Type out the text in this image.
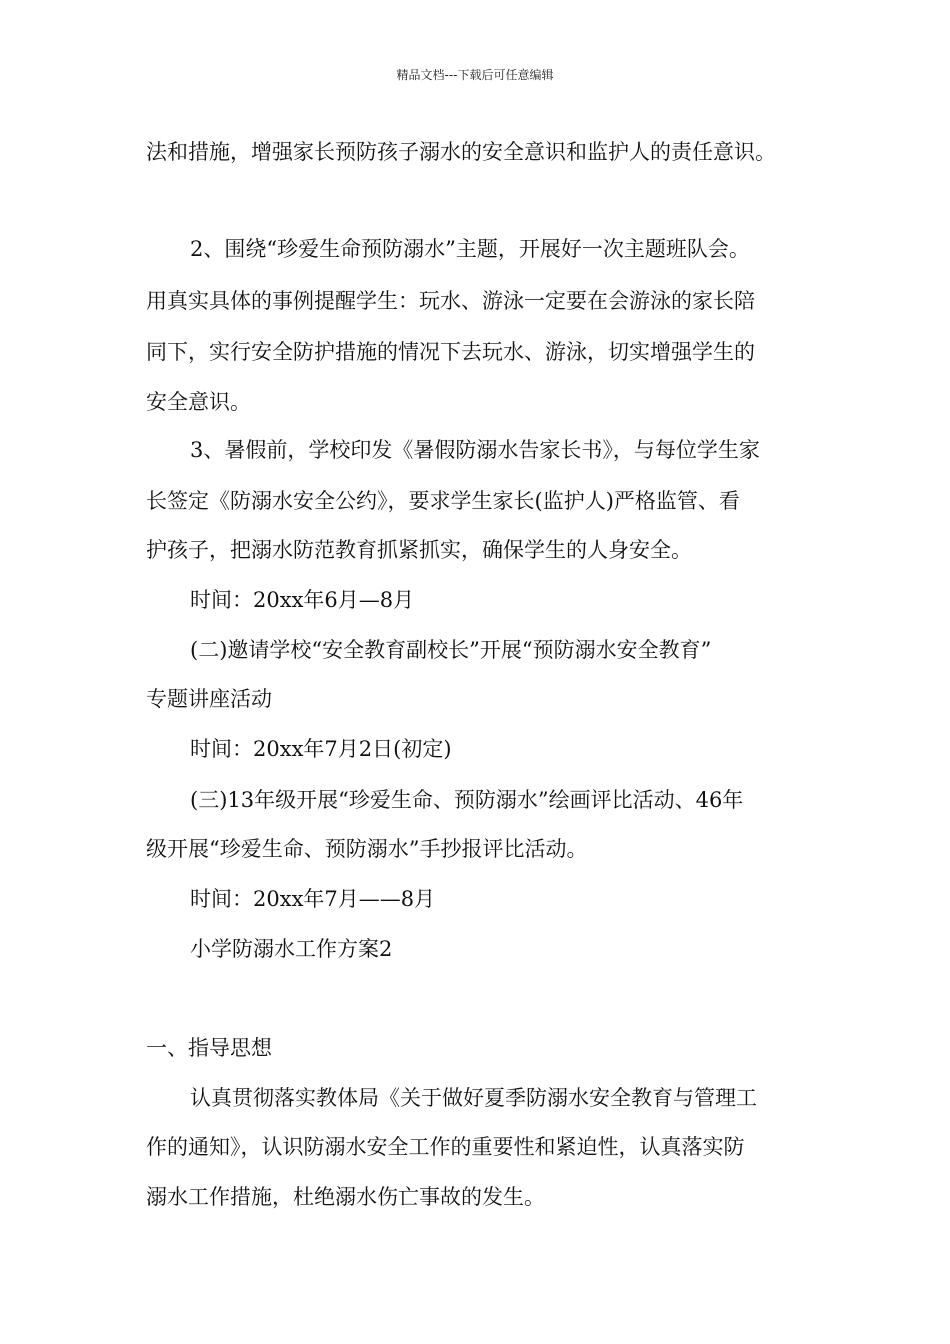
精品文档---下载后可任意编辑
法和措施，增强家长预防孩子溺水的安全意识和监护人的责任意识。
2、围绕“珍爱生命预防溺水”主题，开展好一次主题班队会。
用真实具体的事例提醒学生：玩水、游泳一定要在会游泳的家长陪
同下，实行安全防护措施的情况下去玩水、游泳，切实增强学生的
安全意识。
3、暑假前，学校印发《暑假防溺水告家长书》，与每位学生家
长签定《防溺水安全公约》，要求学生家长(监护人)严格监管、看
护孩子，把溺水防范教育抓紧抓实，确保学生的人身安全。
时间：20xx年6月—8月
(二)邀请学校“安全教育副校长”开展“预防溺水安全教育”
专题讲座活动
时间：20xx年7月2日(初定)
(三)13年级开展“珍爱生命、预防溺水”绘画评比活动、46年
级开展“珍爱生命、预防溺水”手抄报评比活动。
时间：20xx年7月——8月
小学防溺水工作方案2
一、指导思想
认真贯彻落实教体局《关于做好夏季防溺水安全教育与管理工
作的通知》，认识防溺水安全工作的重要性和紧迫性，认真落实防
溺水工作措施，杜绝溺水伤亡事故的发生。
